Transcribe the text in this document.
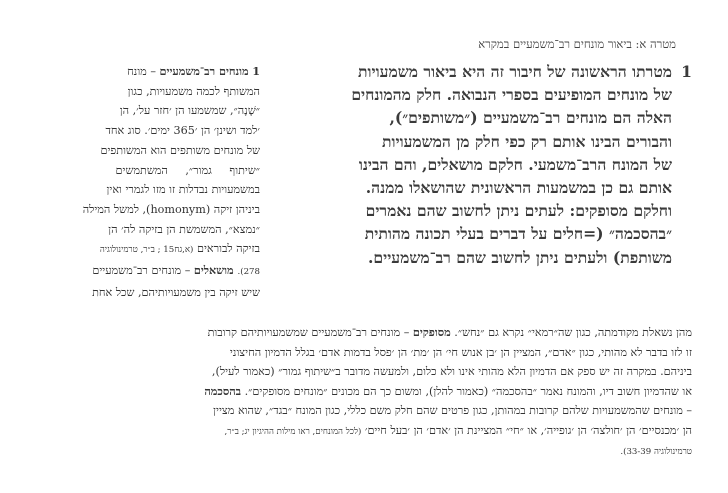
מטרה א: ביאור מונחים רב־משמעיים במקרא
1
מטרתו הראשונה של חיבור זה היא ביאור משמעויות
של מונחים המופיעים בספרי הנבואה. חלק מהמונחים
האלה הם מונחים רב־משמעיים (״משותפים״),
והבורים הבינו אותם רק כפי חלק מן המשמעויות
של המונח הרב־משמעי. חלקם מושאלים, והם הבינו
אותם גם כן במשמעות הראשונית שהושאלו ממנה.
וחלקם מסופקים: לעתים ניתן לחשוב שהם נאמרים
״בהסכמה״ (=חלים על דברים בעלי תכונה מהותית
משותפת) ולעתים ניתן לחשוב שהם רב־משמעיים.
1 מונחים רב־משמעיים – מונח
המשותף לכמה משמעויות, כגון
״שָׁנָה״, שמשמעו הן ׳חזר על׳, הן
׳למד ושינן׳ הן ׳365 ימים׳. סוג אחד
של מונחים משותפים הוא המשותפים
״שיתוף גמור״, המשתמשים
במשמעויות נבדלות זו מזו לגמרי ואין
ביניהן זיקה (homonym), למשל המילה
״נמצא״, המשמשת הן בזיקה לה׳ הן
בזיקה לבוראים (א,גח15 ; ב״ר, טרמינולוגיה
278). מושאלים – מונחים רב־משמעיים
שיש זיקה בין משמעויותיהם, שכל אחת
מהן נשאלת מקודמתה, כגון שה״רמאי״ נקרא גם ״נחש״. מסופקים – מונחים רב־משמעיים שמשמעויותיהם קרובות
זו לזו בדבר לא מהותי, כגון ״אדם״, המציין הן ׳בן אנוש חי׳ הן ׳מת׳ הן ׳פסל בדמות אדם׳ בגלל הדמיון החיצוני
ביניהם. במקרה זה יש ספק אם הדמיון הלא מהותי אינו ולא כלום, ולמעשה מדובר ב״שיתוף גמור״ (כאמור לעיל),
או שהדמיון חשוב דיו, והמונח נאמר ״בהסכמה״ (כאמור להלן), ומשום כך הם מכונים ״מונחים מסופקים״. בהסכמה
– מונחים שהמשמעויות שלהם קרובות במהותן, כגון פרטים שהם חלק משם כללי, כגון המונח ״בגד״, שהוא מציין
הן ׳מכנסיים׳ הן ׳חולצה׳ הן ׳גופייה׳, או ״חי״ המציינת הן ׳אדם׳ הן ׳בעל חיים׳ (לכל המונחים, ראו מילות ההיגיון יג; ב״ר,
טרמינולוגיה 33-39).
